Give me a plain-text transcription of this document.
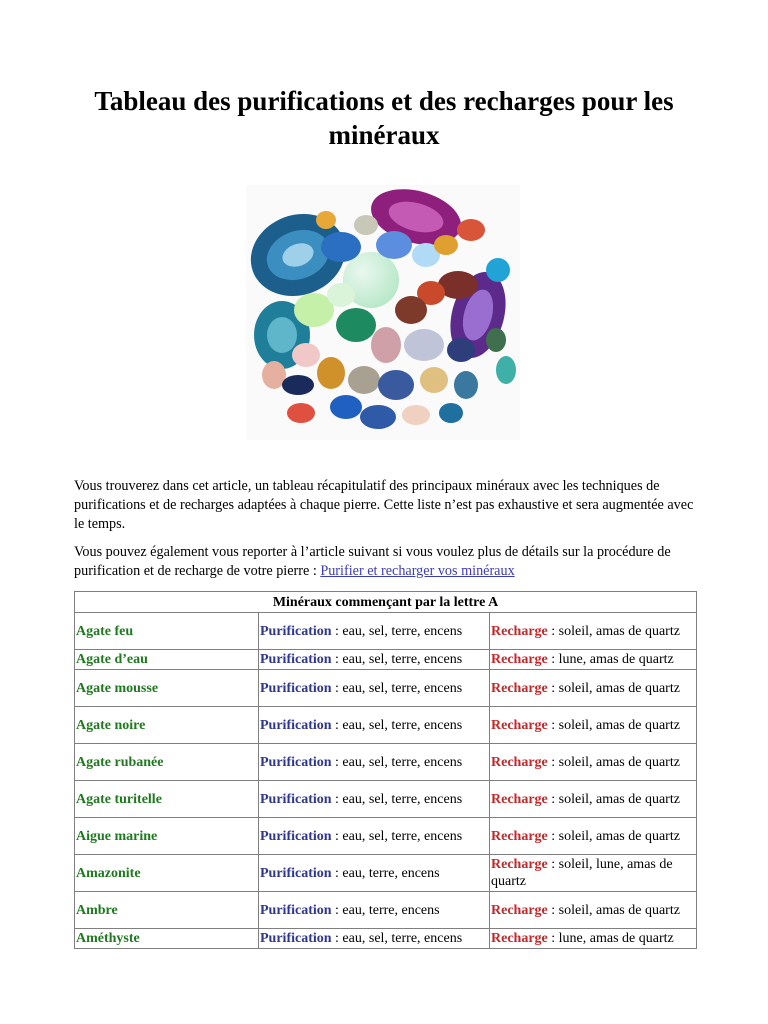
Tableau des purifications et des recharges pour les minéraux

Vous trouverez dans cet article, un tableau récapitulatif des principaux minéraux avec les techniques de purifications et de recharges adaptées à chaque pierre. Cette liste n’est pas exhaustive et sera augmentée avec le temps.

Vous pouvez également vous reporter à l’article suivant si vous voulez plus de détails sur la procédure de purification et de recharge de votre pierre : Purifier et recharger vos minéraux

Minéraux commençant par la lettre A		
Agate feu	Purification : eau, sel, terre, encens	Recharge : soleil, amas de quartz
Agate d’eau	Purification : eau, sel, terre, encens	Recharge : lune, amas de quartz
Agate mousse	Purification : eau, sel, terre, encens	Recharge : soleil, amas de quartz
Agate noire	Purification : eau, sel, terre, encens	Recharge : soleil, amas de quartz
Agate rubanée	Purification : eau, sel, terre, encens	Recharge : soleil, amas de quartz
Agate turitelle	Purification : eau, sel, terre, encens	Recharge : soleil, amas de quartz
Aigue marine	Purification : eau, sel, terre, encens	Recharge : soleil, amas de quartz
Amazonite	Purification : eau, terre, encens	Recharge : soleil, lune, amas de quartz
Ambre	Purification : eau, terre, encens	Recharge : soleil, amas de quartz
Améthyste	Purification : eau, sel, terre, encens	Recharge : lune, amas de quartz
